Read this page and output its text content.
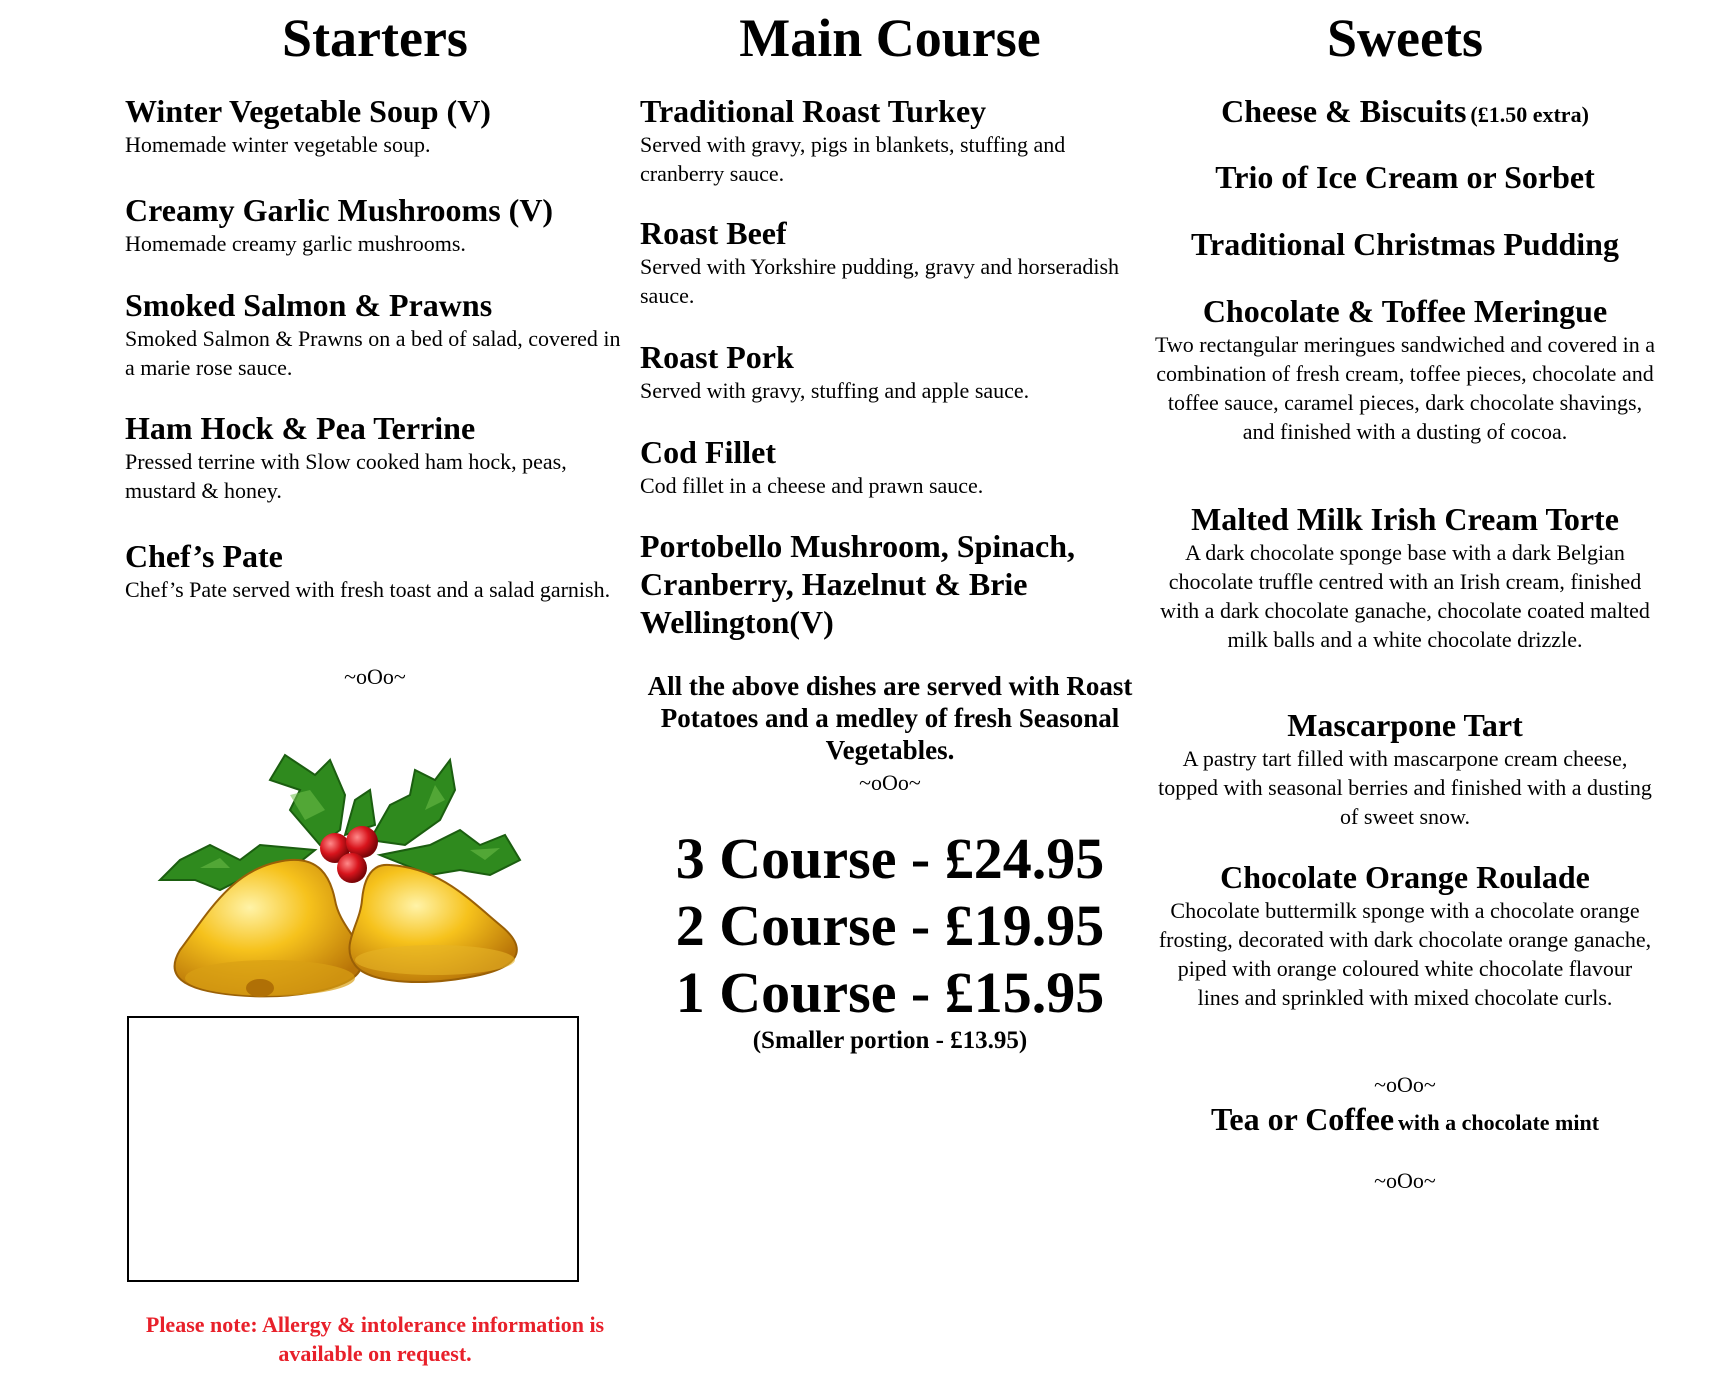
Starters
Winter Vegetable Soup (V)
Homemade winter vegetable soup.
Creamy Garlic Mushrooms (V)
Homemade creamy garlic mushrooms.
Smoked Salmon & Prawns
Smoked Salmon & Prawns on a bed of salad, covered in a marie rose sauce.
Ham Hock & Pea Terrine
Pressed terrine with Slow cooked ham hock, peas, mustard & honey.
Chef’s Pate
Chef’s Pate served with fresh toast and a salad garnish.
~oOo~
Please note: Allergy & intolerance information is available on request.
Main Course
Traditional Roast Turkey
Served with gravy, pigs in blankets, stuffing and cranberry sauce.
Roast Beef
Served with Yorkshire pudding, gravy and horseradish sauce.
Roast Pork
Served with gravy, stuffing and apple sauce.
Cod Fillet
Cod fillet in a cheese and prawn sauce.
Portobello Mushroom, Spinach, Cranberry, Hazelnut & Brie Wellington(V)
All the above dishes are served with Roast Potatoes and a medley of fresh Seasonal Vegetables.
~oOo~
3 Course - £24.95
2 Course - £19.95
1 Course - £15.95
(Smaller portion - £13.95)
Sweets
Cheese & Biscuits (£1.50 extra)
Trio of Ice Cream or Sorbet
Traditional Christmas Pudding
Chocolate & Toffee Meringue
Two rectangular meringues sandwiched and covered in a combination of fresh cream, toffee pieces, chocolate and toffee sauce, caramel pieces, dark chocolate shavings, and finished with a dusting of cocoa.
Malted Milk Irish Cream Torte
A dark chocolate sponge base with a dark Belgian chocolate truffle centred with an Irish cream, finished with a dark chocolate ganache, chocolate coated malted milk balls and a white chocolate drizzle.
Mascarpone Tart
A pastry tart filled with mascarpone cream cheese, topped with seasonal berries and finished with a dusting of sweet snow.
Chocolate Orange Roulade
Chocolate buttermilk sponge with a chocolate orange frosting, decorated with dark chocolate orange ganache, piped with orange coloured white chocolate flavour lines and sprinkled with mixed chocolate curls.
~oOo~
Tea or Coffee with a chocolate mint
~oOo~
